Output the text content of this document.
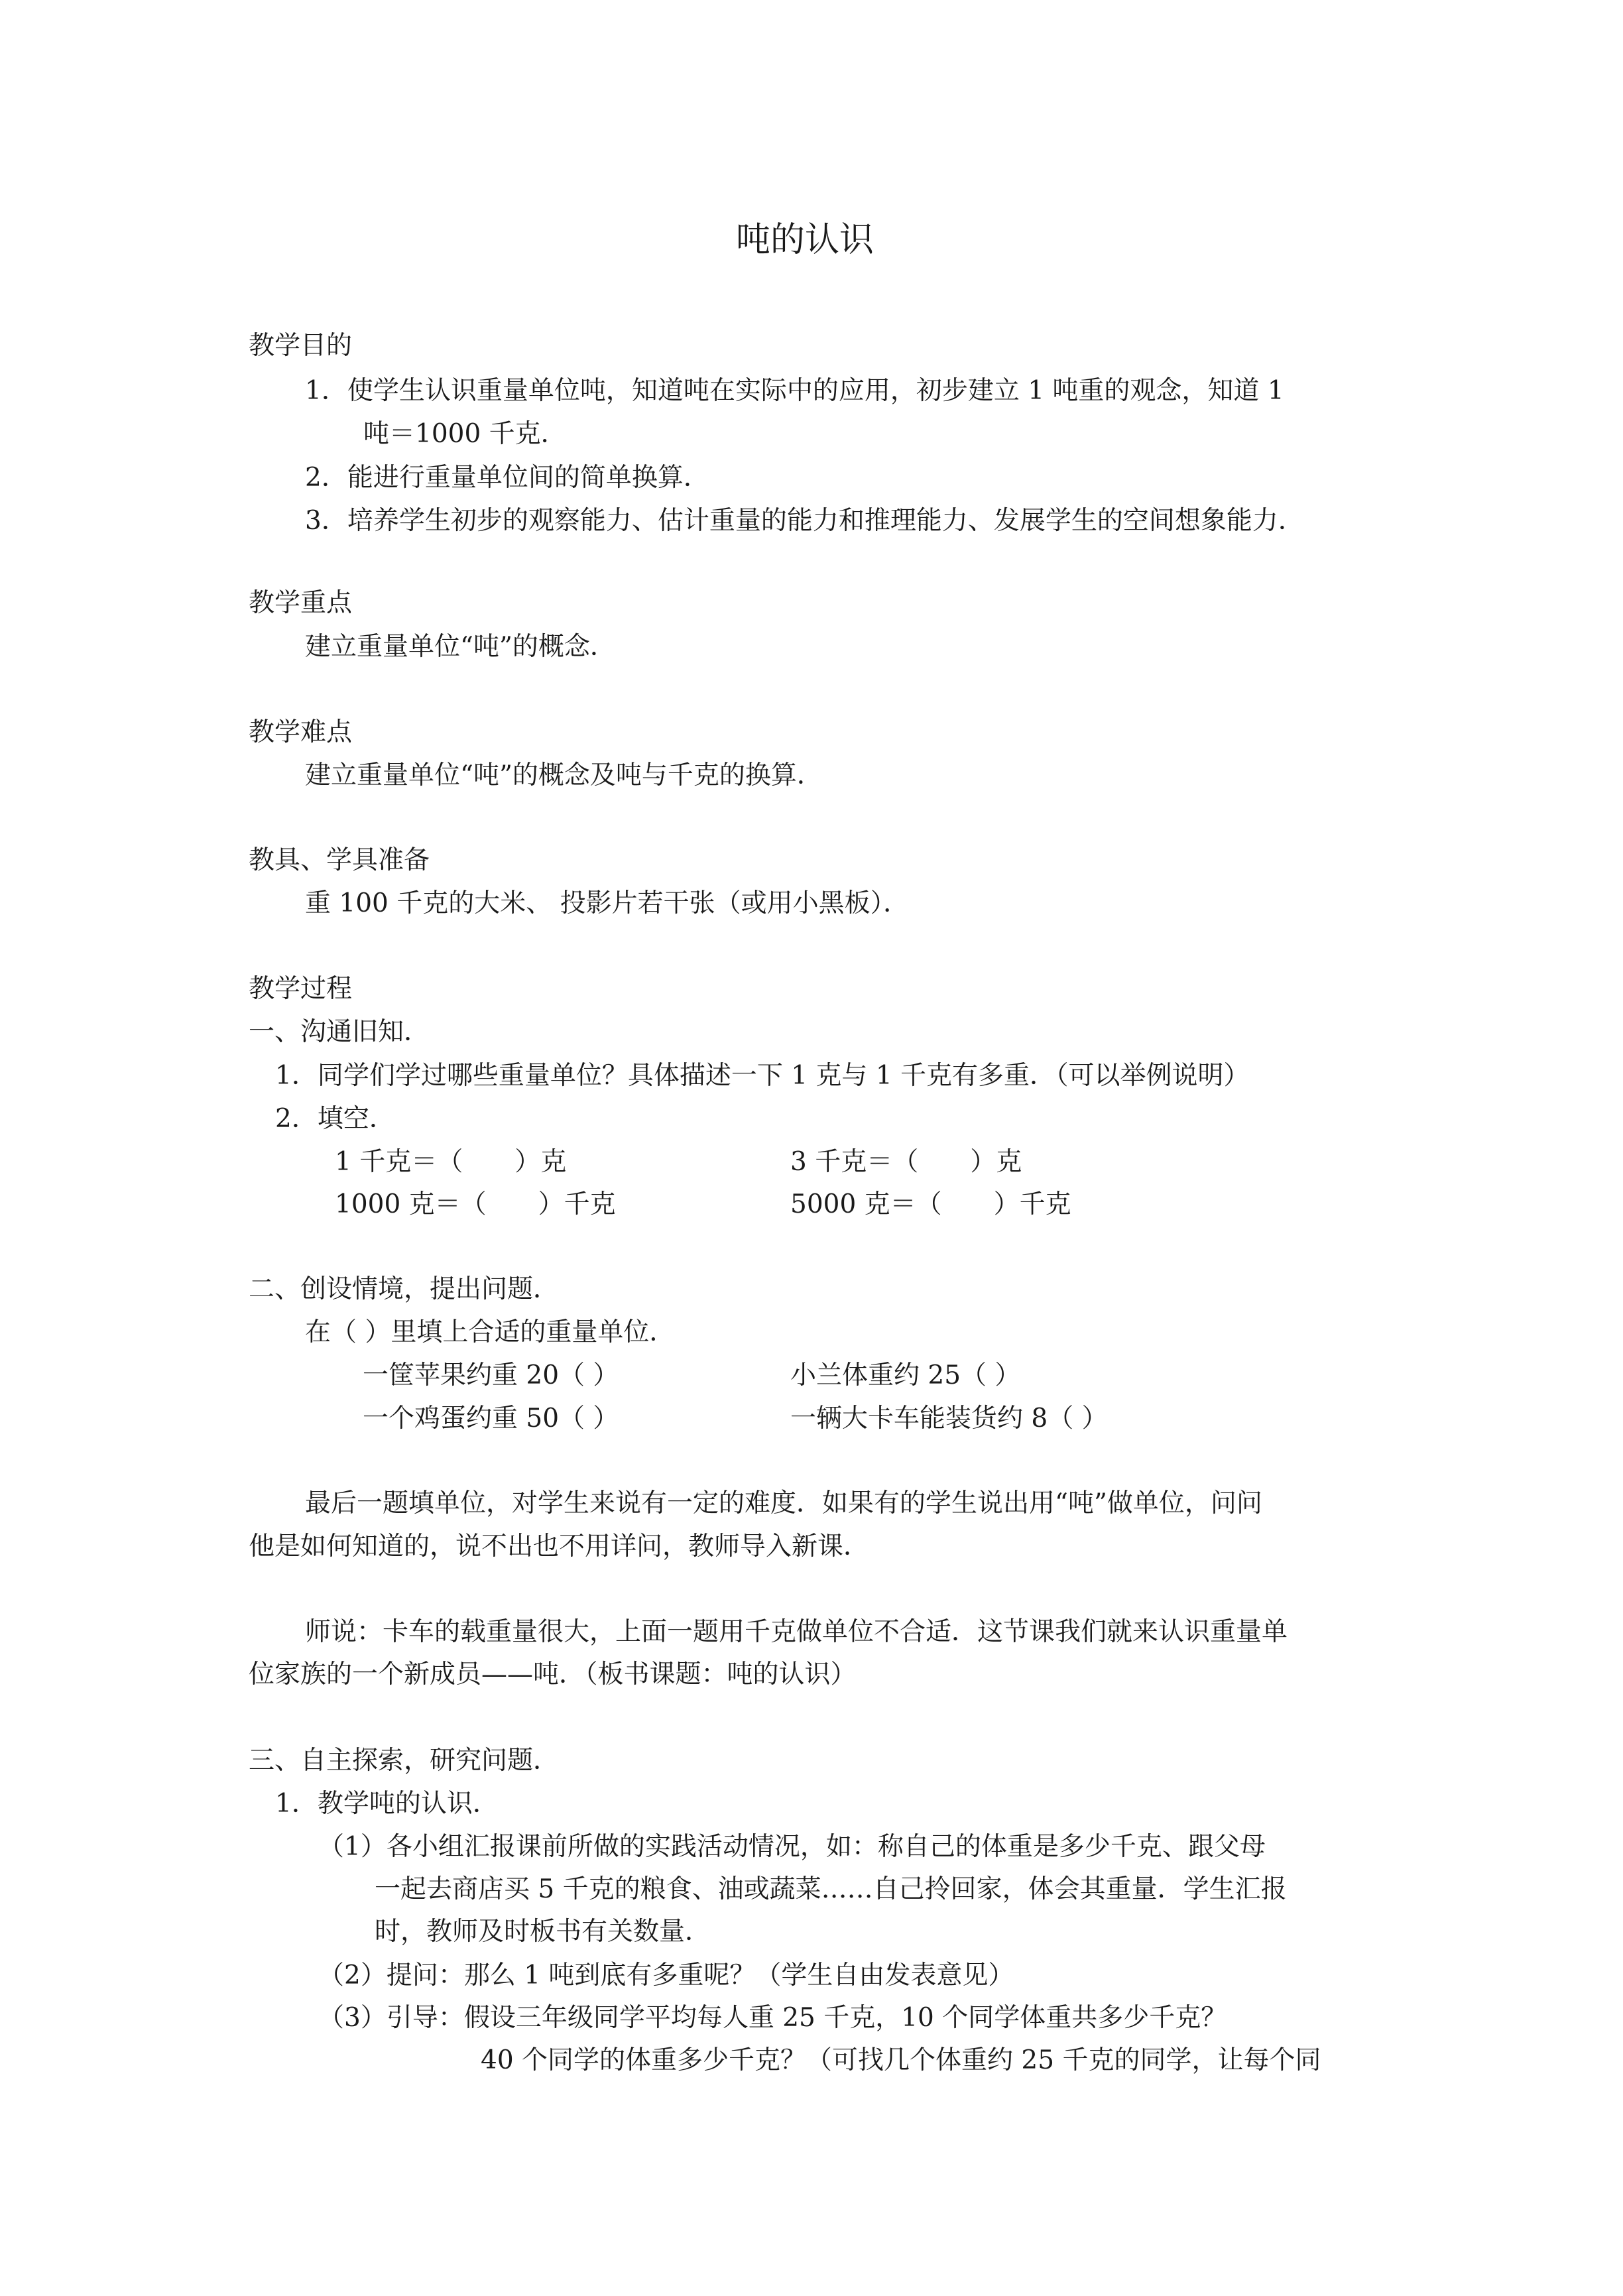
吨的认识
教学目的
1．使学生认识重量单位吨，知道吨在实际中的应用，初步建立 1 吨重的观念，知道 1
吨＝1000 千克．
2．能进行重量单位间的简单换算．
3．培养学生初步的观察能力、估计重量的能力和推理能力、发展学生的空间想象能力．
教学重点
建立重量单位“吨”的概念．
教学难点
建立重量单位“吨”的概念及吨与千克的换算．
教具、学具准备
重 100 千克的大米、 投影片若干张（或用小黑板）．
教学过程
一、沟通旧知．
1．同学们学过哪些重量单位？具体描述一下 1 克与 1 千克有多重．（可以举例说明）
2．填空．
1 千克＝（　　）克	3 千克＝（　　）克
1000 克＝（　　）千克	5000 克＝（　　）千克
二、创设情境，提出问题．
在（ ）里填上合适的重量单位．
一筐苹果约重 20（ ）	小兰体重约 25（ ）
一个鸡蛋约重 50（ ）	一辆大卡车能装货约 8（ ）
最后一题填单位，对学生来说有一定的难度．如果有的学生说出用“吨”做单位，问问
他是如何知道的，说不出也不用详问，教师导入新课．
师说：卡车的载重量很大，上面一题用千克做单位不合适．这节课我们就来认识重量单
位家族的一个新成员——吨．（板书课题：吨的认识）
三、自主探索，研究问题．
1．教学吨的认识．
（1）各小组汇报课前所做的实践活动情况，如：称自己的体重是多少千克、跟父母
一起去商店买 5 千克的粮食、油或蔬菜……自己拎回家，体会其重量．学生汇报
时，教师及时板书有关数量．
（2）提问：那么 1 吨到底有多重呢？（学生自由发表意见）
（3）引导：假设三年级同学平均每人重 25 千克，10 个同学体重共多少千克？
40 个同学的体重多少千克？（可找几个体重约 25 千克的同学，让每个同
